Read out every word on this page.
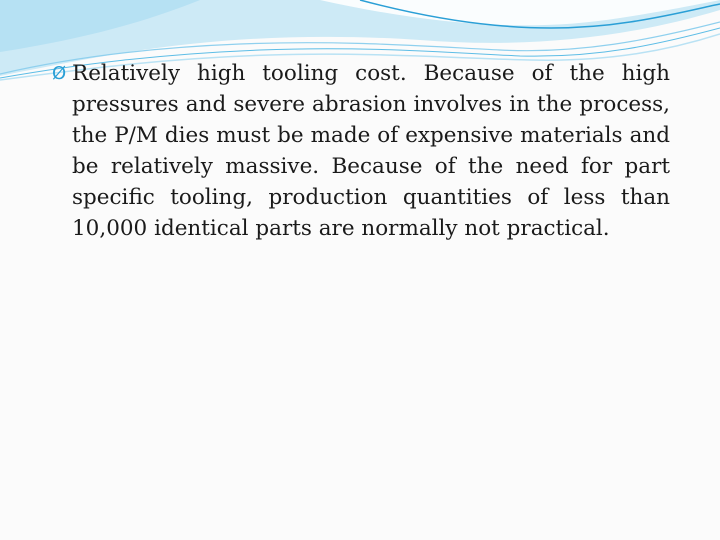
Ø Relatively high tooling cost. Because of the high pressures and severe abrasion involves in the process, the P/M dies must be made of expensive materials and be relatively massive. Because of the need for part specific tooling, production quantities of less than 10,000 identical parts are normally not practical.
